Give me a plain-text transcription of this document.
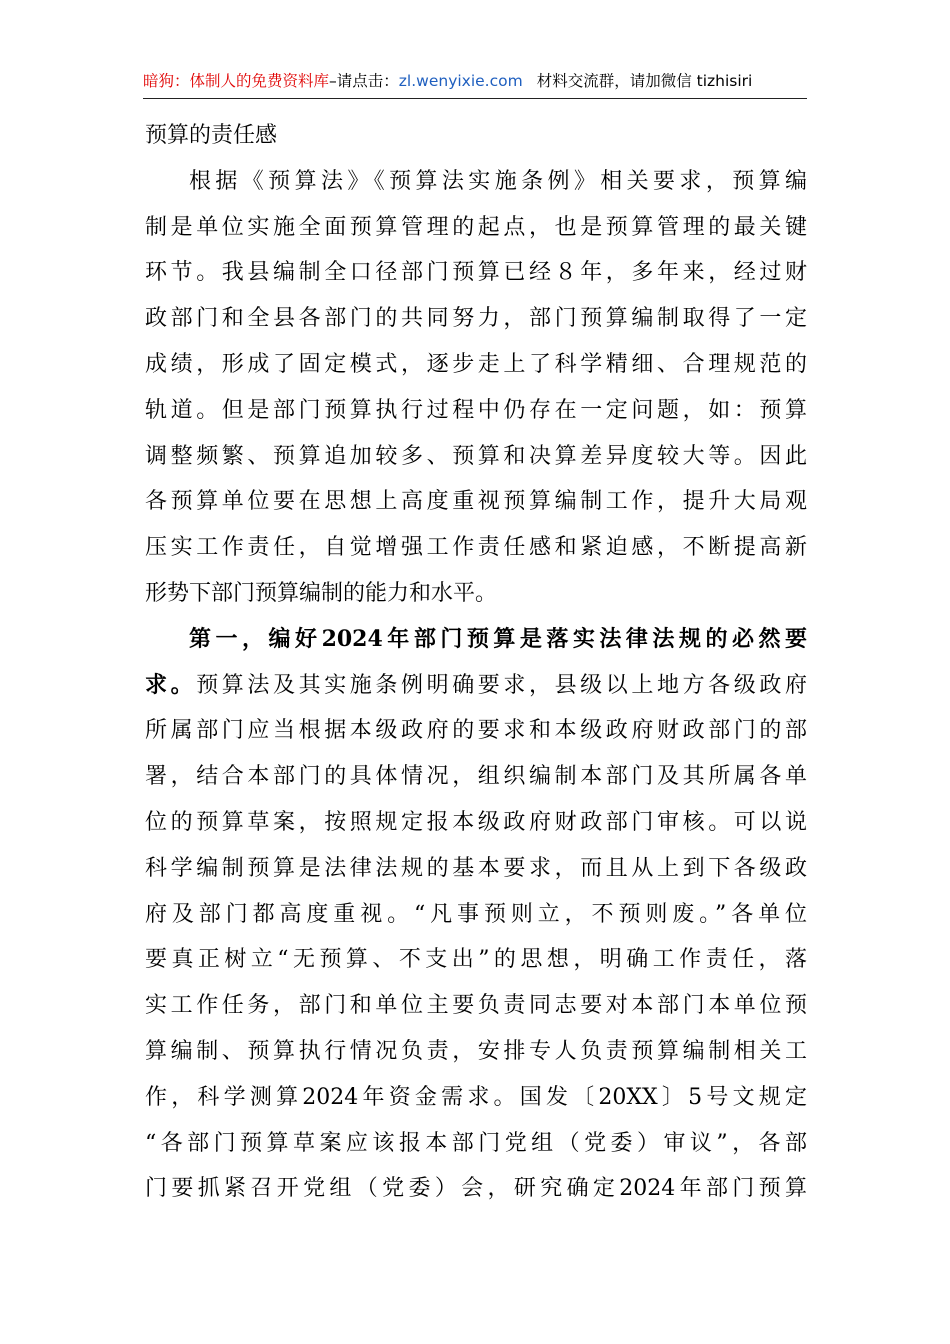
暗狗：体制人的免费资料库–请点击：zl.wenyixie.com 材料交流群，请加微信 tizhisiri
预算的责任感
根据《预算法》《预算法实施条例》相关要求，预算编
制是单位实施全面预算管理的起点，也是预算管理的最关键
环节。我县编制全口径部门预算已经８年，多年来，经过财
政部门和全县各部门的共同努力，部门预算编制取得了一定
成绩，形成了固定模式，逐步走上了科学精细、合理规范的
轨道。但是部门预算执行过程中仍存在一定问题，如：预算
调整频繁、预算追加较多、预算和决算差异度较大等。因此
各预算单位要在思想上高度重视预算编制工作，提升大局观
压实工作责任，自觉增强工作责任感和紧迫感，不断提高新
形势下部门预算编制的能力和水平。
第一，编好2024年部门预算是落实法律法规的必然要
求。预算法及其实施条例明确要求，县级以上地方各级政府
所属部门应当根据本级政府的要求和本级政府财政部门的部
署，结合本部门的具体情况，组织编制本部门及其所属各单
位的预算草案，按照规定报本级政府财政部门审核。可以说
科学编制预算是法律法规的基本要求，而且从上到下各级政
府及部门都高度重视。“凡事预则立，不预则废。”各单位
要真正树立“无预算、不支出”的思想，明确工作责任，落
实工作任务，部门和单位主要负责同志要对本部门本单位预
算编制、预算执行情况负责，安排专人负责预算编制相关工
作，科学测算2024年资金需求。国发〔20XX〕5号文规定
“各部门预算草案应该报本部门党组（党委）审议”，各部
门要抓紧召开党组（党委）会，研究确定2024年部门预算
